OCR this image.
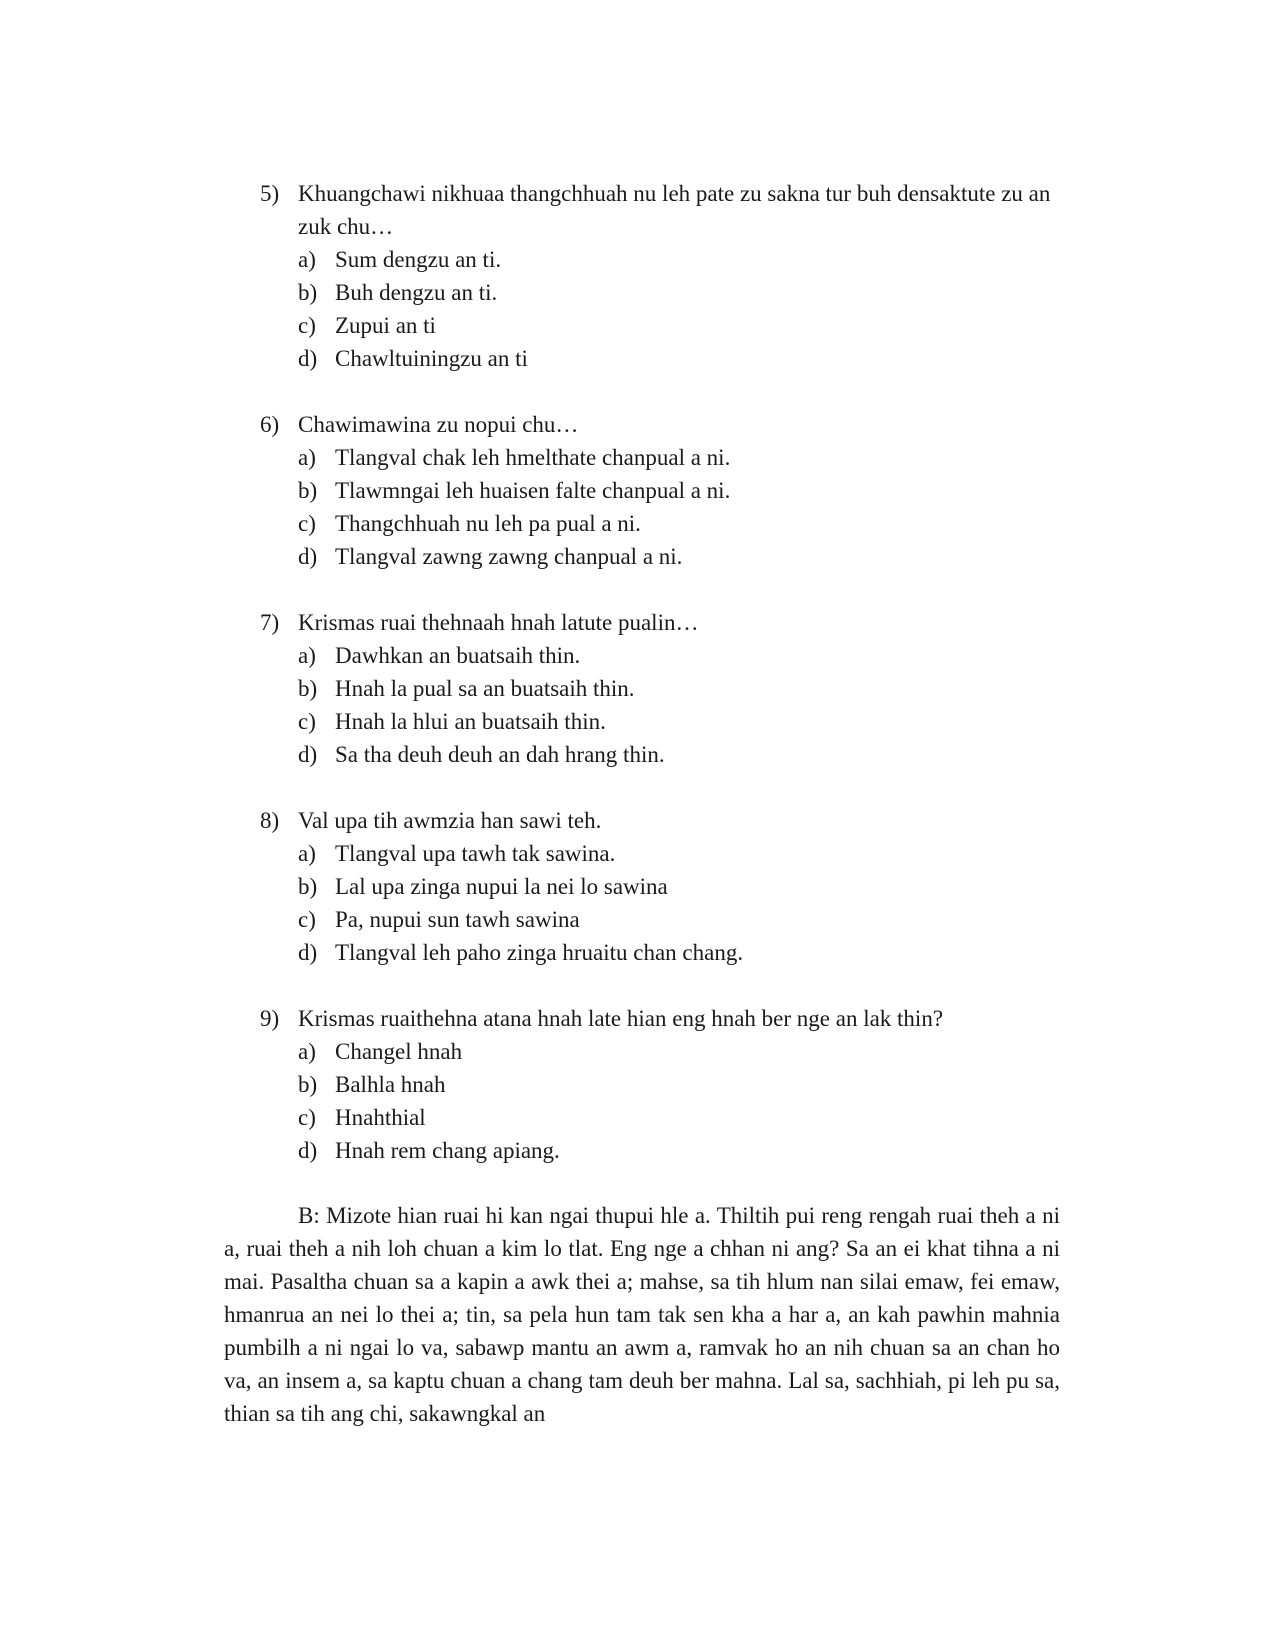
5) Khuangchawi nikhuaa thangchhuah nu leh pate zu sakna tur buh densaktute zu an zuk chu…
a) Sum dengzu an ti.
b) Buh dengzu an ti.
c) Zupui an ti
d) Chawltuiningzu an ti
6) Chawimawina zu nopui chu…
a) Tlangval chak leh hmelthate chanpual a ni.
b) Tlawmngai leh huaisen falte chanpual a ni.
c) Thangchhuah nu leh pa pual a ni.
d) Tlangval zawng zawng chanpual a ni.
7) Krismas ruai thehnaah hnah latute pualin…
a) Dawhkan an buatsaih thin.
b) Hnah la pual sa an buatsaih thin.
c) Hnah la hlui an buatsaih thin.
d) Sa tha deuh deuh an dah hrang thin.
8) Val upa tih awmzia han sawi teh.
a) Tlangval upa tawh tak sawina.
b) Lal upa zinga nupui la nei lo sawina
c) Pa, nupui sun tawh sawina
d) Tlangval leh paho zinga hruaitu chan chang.
9) Krismas ruaithehna atana hnah late hian eng hnah ber nge an lak thin?
a) Changel hnah
b) Balhla hnah
c) Hnahthial
d) Hnah rem chang apiang.

B: Mizote hian ruai hi kan ngai thupui hle a. Thiltih pui reng rengah ruai theh a ni a, ruai theh a nih loh chuan a kim lo tlat. Eng nge a chhan ni ang? Sa an ei khat tihna a ni mai. Pasaltha chuan sa a kapin a awk thei a; mahse, sa tih hlum nan silai emaw, fei emaw, hmanrua an nei lo thei a; tin, sa pela hun tam tak sen kha a har a, an kah pawhin mahnia pumbilh a ni ngai lo va, sabawp mantu an awm a, ramvak ho an nih chuan sa an chan ho va, an insem a, sa kaptu chuan a chang tam deuh ber mahna. Lal sa, sachhiah, pi leh pu sa, thian sa tih ang chi, sakawngkal an
